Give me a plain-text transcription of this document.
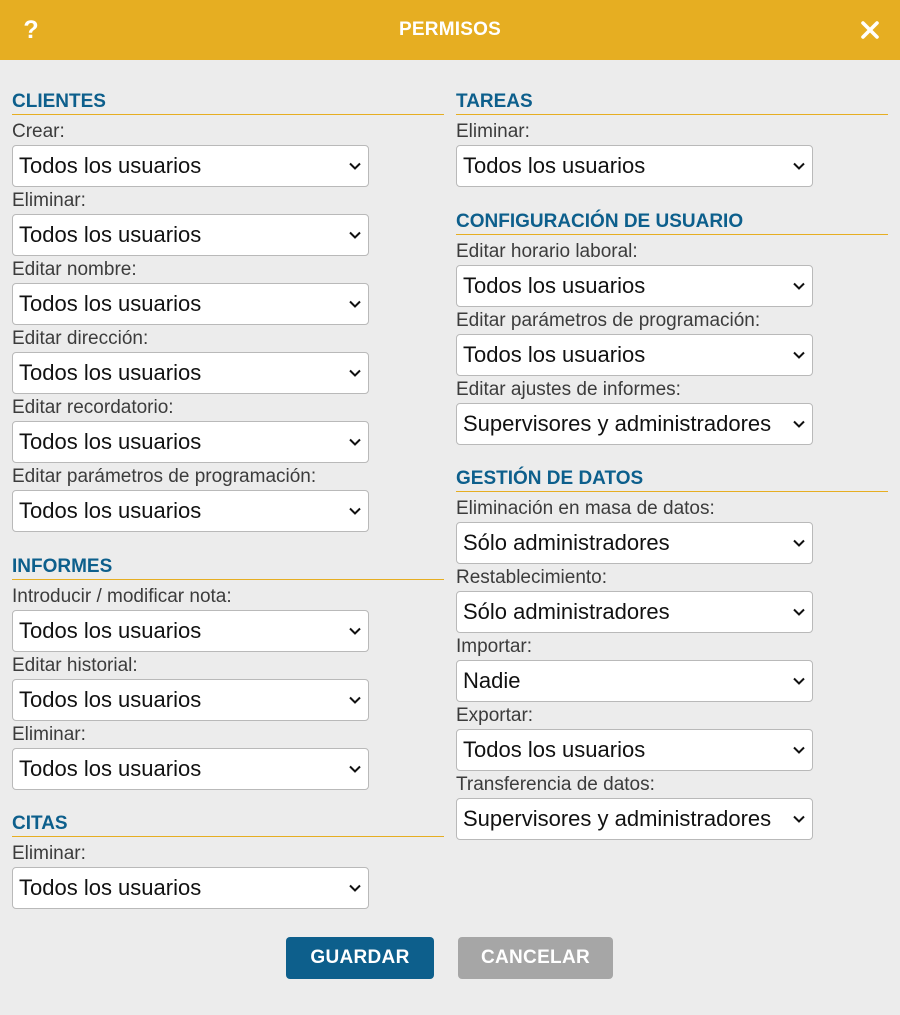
?	PERMISOS
CLIENTES
Crear:
Todos los usuarios
Eliminar:
Todos los usuarios
Editar nombre:
Todos los usuarios
Editar dirección:
Todos los usuarios
Editar recordatorio:
Todos los usuarios
Editar parámetros de programación:
Todos los usuarios
INFORMES
Introducir / modificar nota:
Todos los usuarios
Editar historial:
Todos los usuarios
Eliminar:
Todos los usuarios
CITAS
Eliminar:
Todos los usuarios
TAREAS
Eliminar:
Todos los usuarios
CONFIGURACIÓN DE USUARIO
Editar horario laboral:
Todos los usuarios
Editar parámetros de programación:
Todos los usuarios
Editar ajustes de informes:
Supervisores y administradores
GESTIÓN DE DATOS
Eliminación en masa de datos:
Sólo administradores
Restablecimiento:
Sólo administradores
Importar:
Nadie
Exportar:
Todos los usuarios
Transferencia de datos:
Supervisores y administradores
GUARDAR	CANCELAR
